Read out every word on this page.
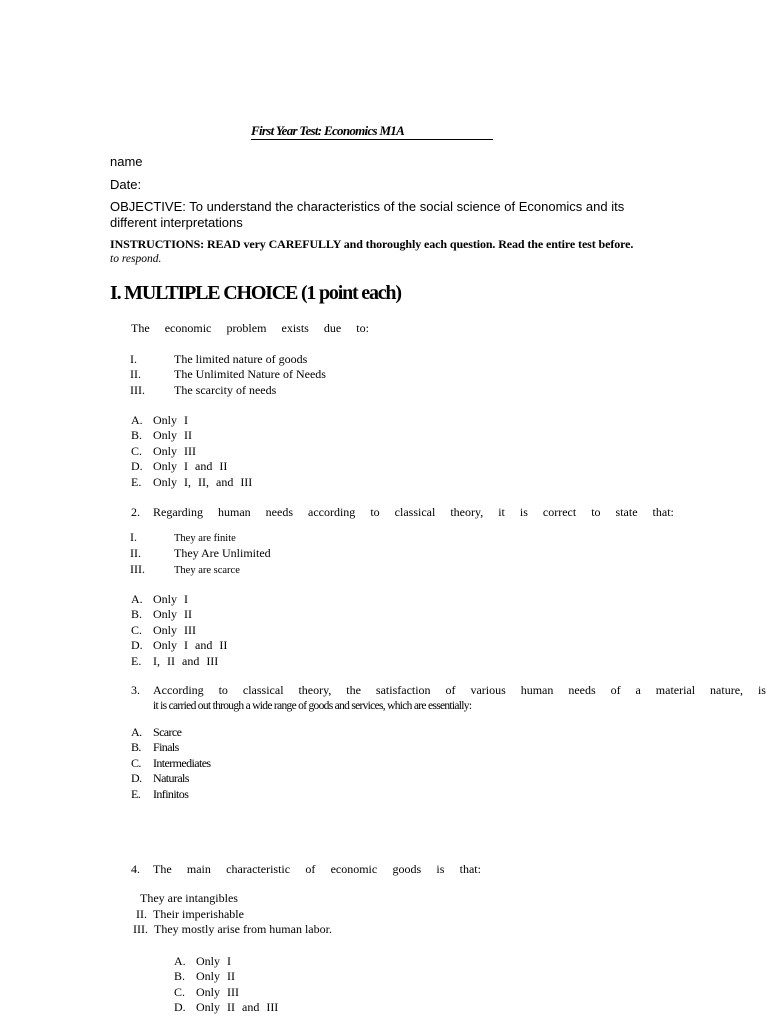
First Year Test: Economics M1A
name
Date:
OBJECTIVE: To understand the characteristics of the social science of Economics and its different interpretations
INSTRUCTIONS: READ very CAREFULLY and thoroughly each question. Read the entire test before.
to respond.
I. MULTIPLE CHOICE (1 point each)
The economic problem exists due to:
I.	The limited nature of goods
II.	The Unlimited Nature of Needs
III. The scarcity of needs
A. Only I
B. Only II
C. Only III
D. Only I and II
E. Only I, II, and III
2. Regarding human needs according to classical theory, it is correct to state that:
I.	They are finite
II.	They Are Unlimited
III.	They are scarce
A. Only I
B. Only II
C. Only III
D. Only I and II
E. I, II and III
3. According to classical theory, the satisfaction of various human needs of a material nature, is
it is carried out through a wide range of goods and services, which are essentially:
A. Scarce
B. Finals
C. Intermediates
D. Naturals
E. Infinitos
4. The main characteristic of economic goods is that:
They are intangibles
II. Their imperishable
III. They mostly arise from human labor.
A. Only I
B. Only II
C. Only III
D. Only II and III
